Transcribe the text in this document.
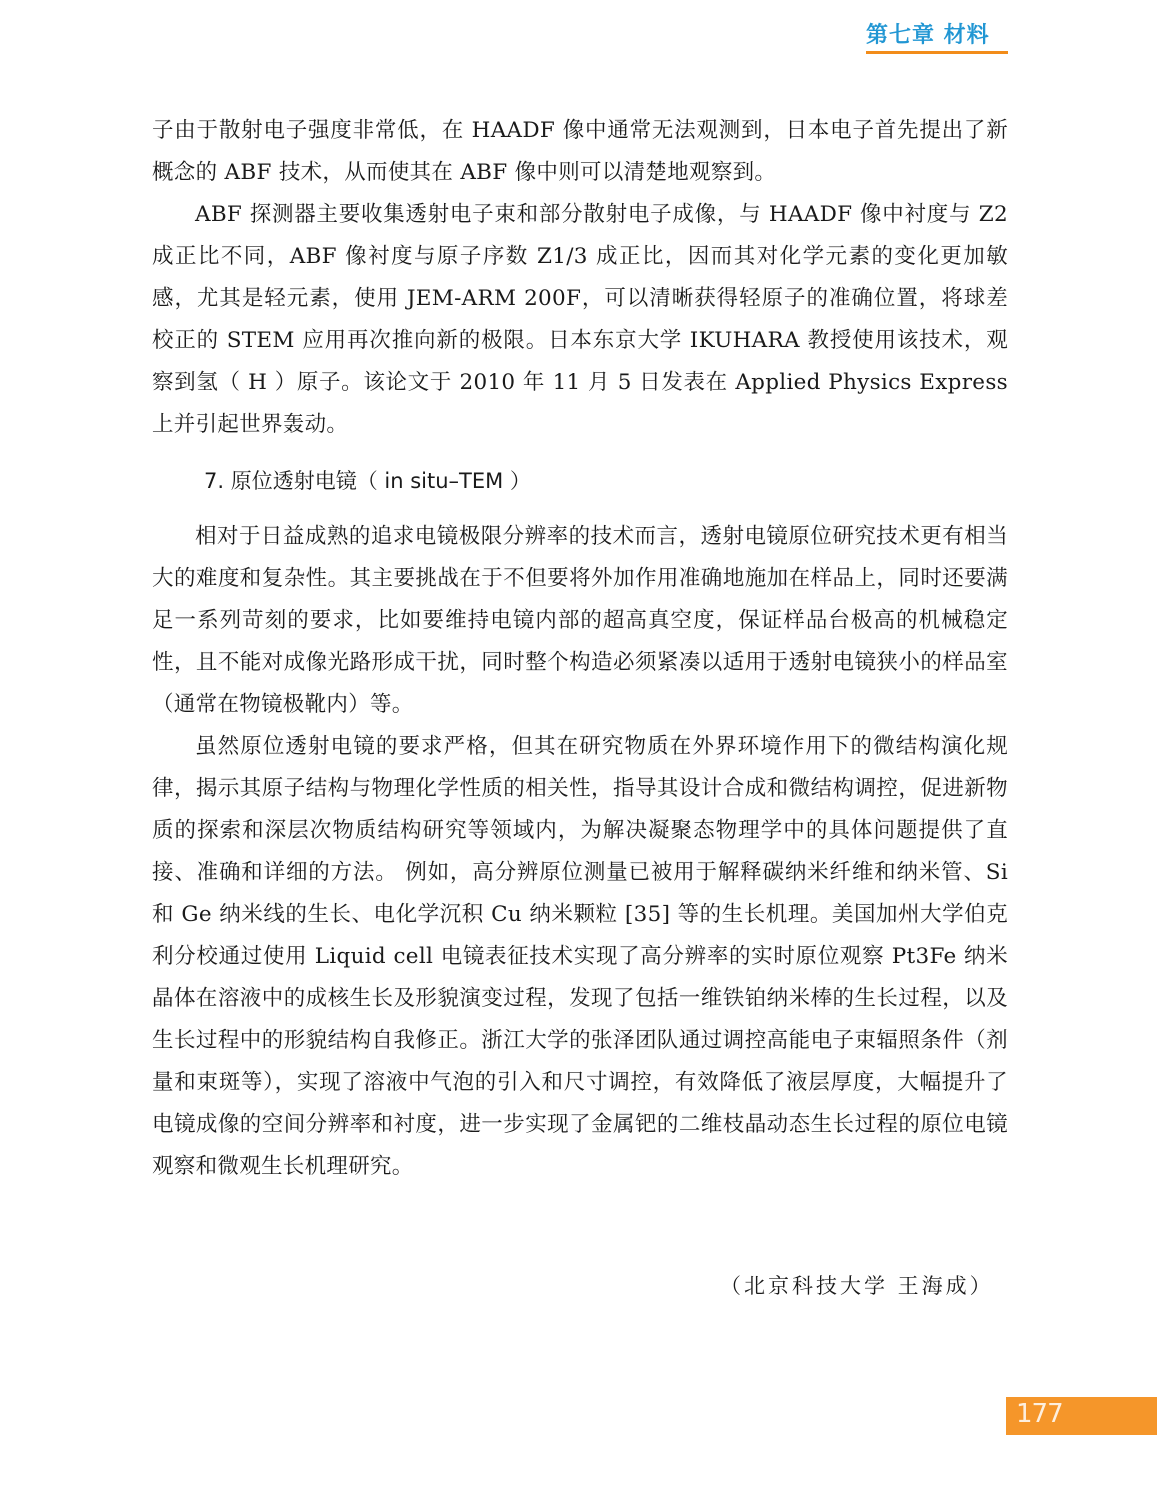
第七章 材料

子由于散射电子强度非常低，在 HAADF 像中通常无法观测到，日本电子首先提出了新概念的 ABF 技术，从而使其在 ABF 像中则可以清楚地观察到。

ABF 探测器主要收集透射电子束和部分散射电子成像，与 HAADF 像中衬度与 Z2 成正比不同，ABF 像衬度与原子序数 Z1/3 成正比，因而其对化学元素的变化更加敏感，尤其是轻元素，使用 JEM-ARM 200F，可以清晰获得轻原子的准确位置，将球差校正的 STEM 应用再次推向新的极限。日本东京大学 IKUHARA 教授使用该技术，观察到氢（ H ）原子。该论文于 2010 年 11 月 5 日发表在 Applied Physics Express 上并引起世界轰动。

7. 原位透射电镜（ in situ–TEM ）

相对于日益成熟的追求电镜极限分辨率的技术而言，透射电镜原位研究技术更有相当大的难度和复杂性。其主要挑战在于不但要将外加作用准确地施加在样品上，同时还要满足一系列苛刻的要求，比如要维持电镜内部的超高真空度，保证样品台极高的机械稳定性，且不能对成像光路形成干扰，同时整个构造必须紧凑以适用于透射电镜狭小的样品室（通常在物镜极靴内）等。

虽然原位透射电镜的要求严格，但其在研究物质在外界环境作用下的微结构演化规律，揭示其原子结构与物理化学性质的相关性，指导其设计合成和微结构调控，促进新物质的探索和深层次物质结构研究等领域内，为解决凝聚态物理学中的具体问题提供了直接、准确和详细的方法。 例如，高分辨原位测量已被用于解释碳纳米纤维和纳米管、Si 和 Ge 纳米线的生长、电化学沉积 Cu 纳米颗粒 [35] 等的生长机理。美国加州大学伯克利分校通过使用 Liquid cell 电镜表征技术实现了高分辨率的实时原位观察 Pt3Fe 纳米晶体在溶液中的成核生长及形貌演变过程，发现了包括一维铁铂纳米棒的生长过程，以及生长过程中的形貌结构自我修正。浙江大学的张泽团队通过调控高能电子束辐照条件（剂量和束斑等），实现了溶液中气泡的引入和尺寸调控，有效降低了液层厚度，大幅提升了电镜成像的空间分辨率和衬度，进一步实现了金属钯的二维枝晶动态生长过程的原位电镜观察和微观生长机理研究。

（北京科技大学 王海成）
177
